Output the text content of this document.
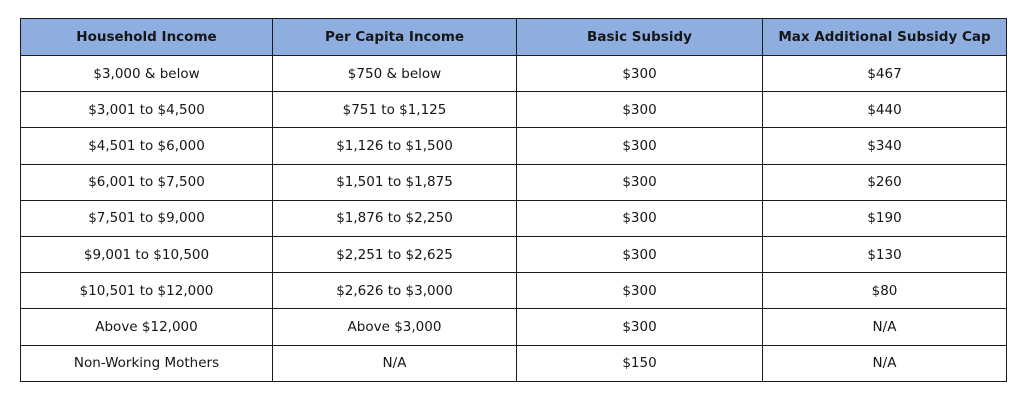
Household Income	Per Capita Income	Basic Subsidy	Max Additional Subsidy Cap
$3,000 & below	$750 & below	$300	$467
$3,001 to $4,500	$751 to $1,125	$300	$440
$4,501 to $6,000	$1,126 to $1,500	$300	$340
$6,001 to $7,500	$1,501 to $1,875	$300	$260
$7,501 to $9,000	$1,876 to $2,250	$300	$190
$9,001 to $10,500	$2,251 to $2,625	$300	$130
$10,501 to $12,000	$2,626 to $3,000	$300	$80
Above $12,000	Above $3,000	$300	N/A
Non-Working Mothers	N/A	$150	N/A
